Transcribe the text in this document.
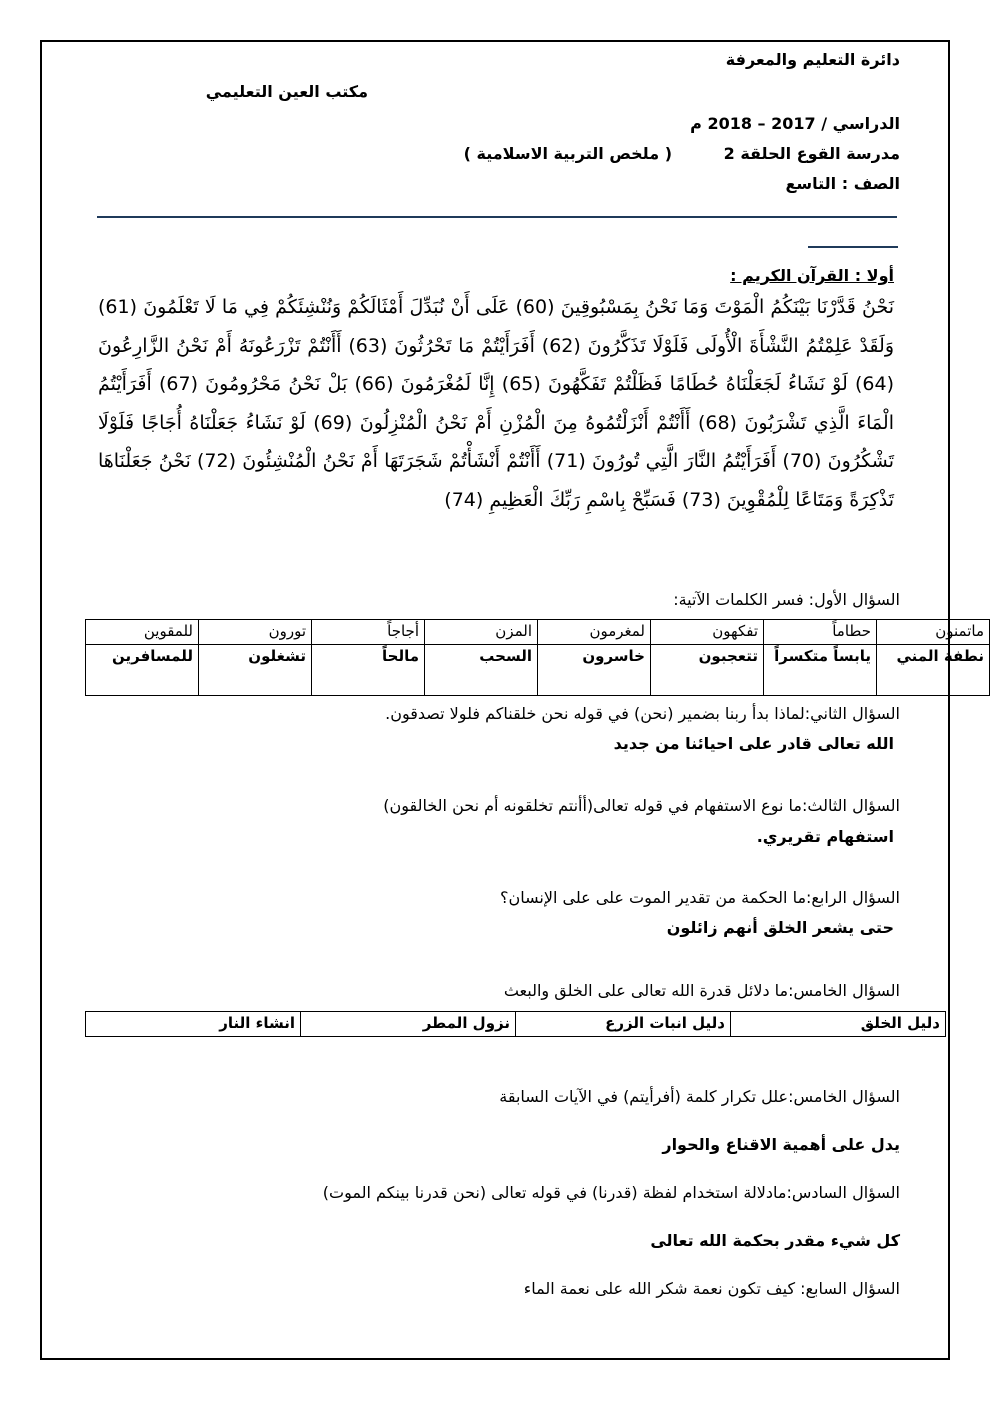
دائرة التعليم والمعرفة
مكتب العين التعليمي
الدراسي / 2017 – 2018 م
مدرسة القوع الحلقة 2
( ملخص التربية الاسلامية )
الصف : التاسع
أولا : القرآن الكريم :
نَحْنُ قَدَّرْنَا بَيْنَكُمُ الْمَوْتَ وَمَا نَحْنُ بِمَسْبُوقِينَ (60) عَلَى أَنْ نُبَدِّلَ أَمْثَالَكُمْ وَنُنْشِئَكُمْ فِي مَا لَا تَعْلَمُونَ (61) وَلَقَدْ عَلِمْتُمُ النَّشْأَةَ الْأُولَى فَلَوْلَا تَذَكَّرُونَ (62) أَفَرَأَيْتُمْ مَا تَحْرُثُونَ (63) أَأَنْتُمْ تَزْرَعُونَهُ أَمْ نَحْنُ الزَّارِعُونَ (64) لَوْ نَشَاءُ لَجَعَلْنَاهُ حُطَامًا فَظَلْتُمْ تَفَكَّهُونَ (65) إِنَّا لَمُغْرَمُونَ (66) بَلْ نَحْنُ مَحْرُومُونَ (67) أَفَرَأَيْتُمُ الْمَاءَ الَّذِي تَشْرَبُونَ (68) أَأَنْتُمْ أَنْزَلْتُمُوهُ مِنَ الْمُزْنِ أَمْ نَحْنُ الْمُنْزِلُونَ (69) لَوْ نَشَاءُ جَعَلْنَاهُ أُجَاجًا فَلَوْلَا تَشْكُرُونَ (70) أَفَرَأَيْتُمُ النَّارَ الَّتِي تُورُونَ (71) أَأَنْتُمْ أَنْشَأْتُمْ شَجَرَتَهَا أَمْ نَحْنُ الْمُنْشِئُونَ (72) نَحْنُ جَعَلْنَاهَا تَذْكِرَةً وَمَتَاعًا لِلْمُقْوِينَ (73) فَسَبِّحْ بِاسْمِ رَبِّكَ الْعَظِيمِ (74)
السؤال الأول: فسر الكلمات الآتية:
ماتمنون	حطاماً	تفكهون	لمغرمون	المزن	أجاجاً	تورون	للمقوين
نطفة المني	يابساً متكسراً	تتعجبون	خاسرون	السحب	مالحاً	تشغلون	للمسافرين
السؤال الثاني:لماذا بدأ ربنا بضمير (نحن) في قوله نحن خلقناكم فلولا تصدقون.
الله تعالى قادر على احيائنا من جديد
السؤال الثالث:ما نوع الاستفهام في قوله تعالى(أأنتم تخلقونه أم نحن الخالقون)
استفهام تقريري.
السؤال الرابع:ما الحكمة من تقدير الموت على على الإنسان؟
حتى يشعر الخلق أنهم زائلون
السؤال الخامس:ما دلائل قدرة الله تعالى على الخلق والبعث
دليل الخلق	دليل انبات الزرع	نزول المطر	انشاء النار
السؤال الخامس:علل تكرار كلمة (أفرأيتم) في الآيات السابقة
يدل على أهمية الاقناع والحوار
السؤال السادس:مادلالة استخدام لفظة (قدرنا) في قوله تعالى (نحن قدرنا بينكم الموت)
كل شيء مقدر بحكمة الله تعالى
السؤال السابع: كيف تكون نعمة شكر الله على نعمة الماء
